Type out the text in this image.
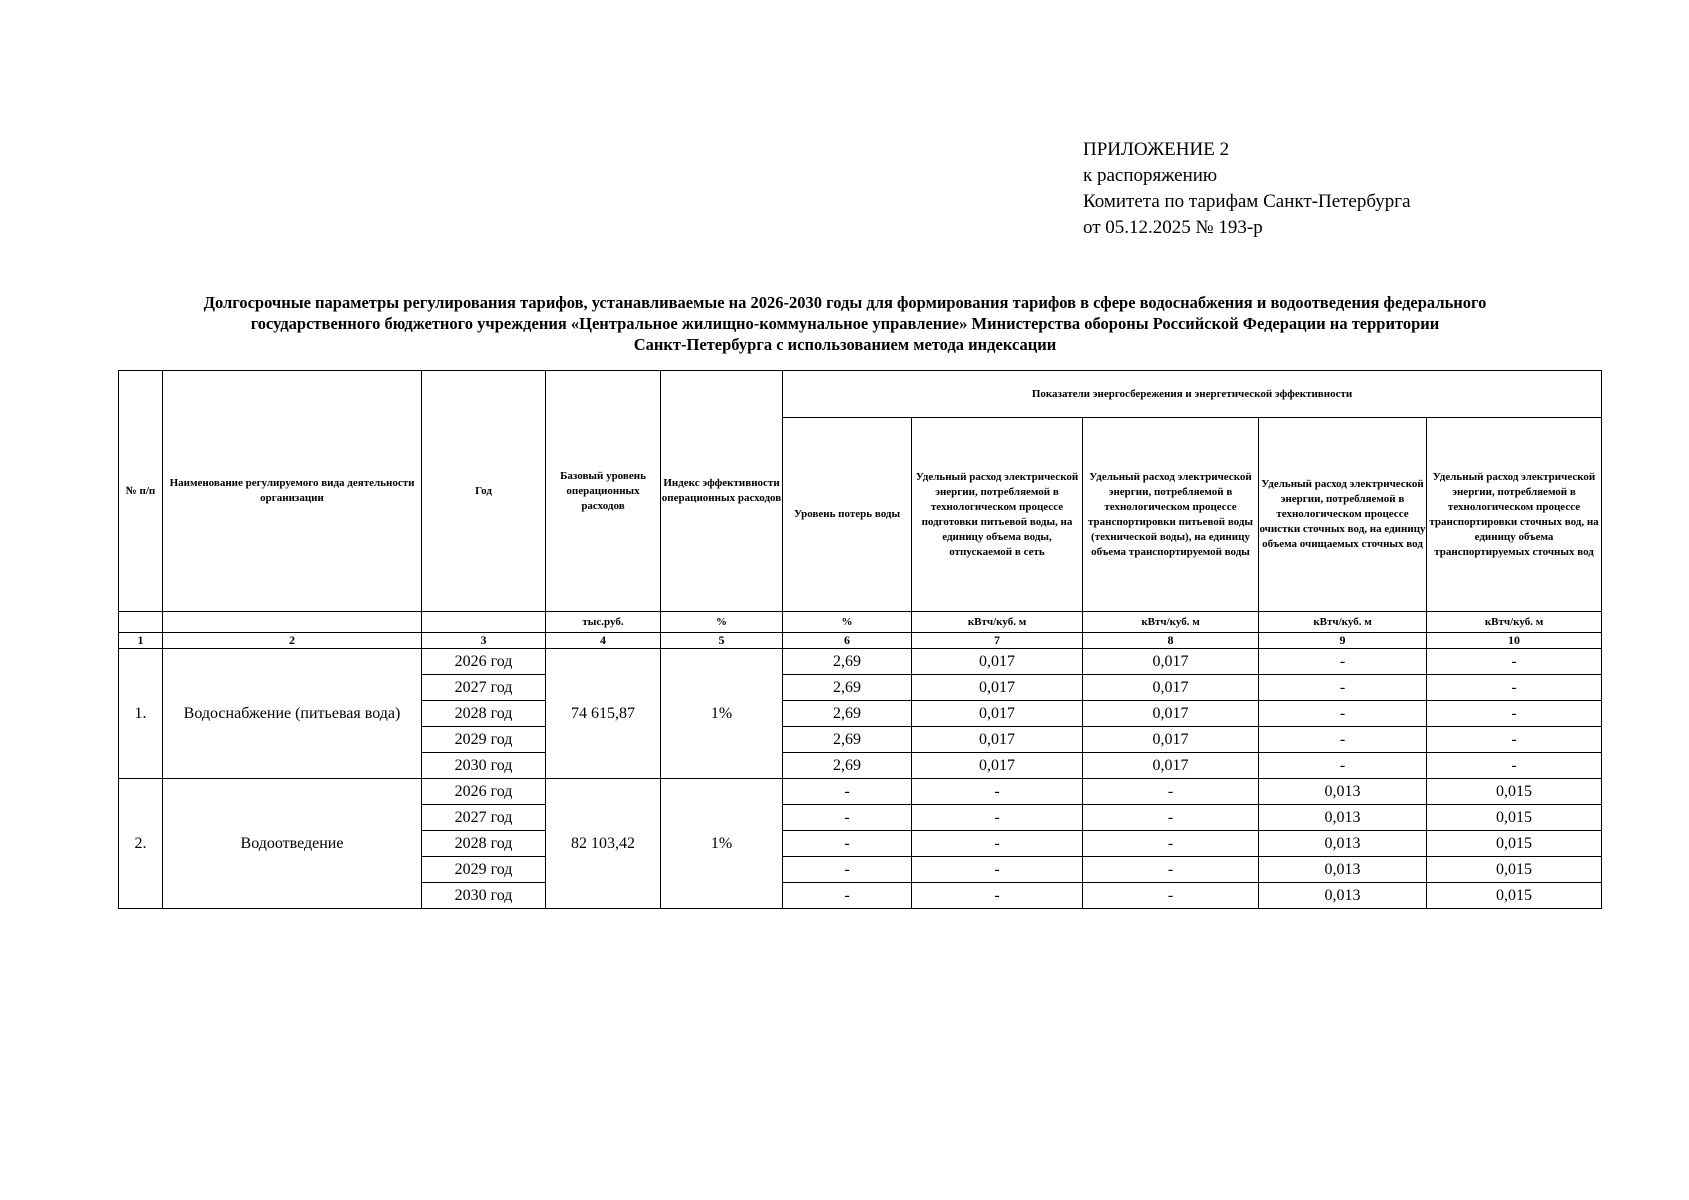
ПРИЛОЖЕНИЕ 2
к распоряжению
Комитета по тарифам Санкт-Петербурга
от 05.12.2025 № 193-р
Долгосрочные параметры регулирования тарифов, устанавливаемые на 2026-2030 годы для формирования тарифов в сфере водоснабжения и водоотведения федерального
государственного бюджетного учреждения «Центральное жилищно-коммунальное управление» Министерства обороны Российской Федерации на территории
Санкт-Петербурга с использованием метода индексации
№ п/п	Наименование регулируемого вида деятельности организации	Год	Базовый уровень операционных расходов	Индекс эффективности операционных расходов	Показатели энергосбережения и энергетической эффективности				
					Уровень потерь воды	Удельный расход электрической энергии, потребляемой в технологическом процессе подготовки питьевой воды, на единицу объема воды, отпускаемой в сеть	Удельный расход электрической энергии, потребляемой в технологическом процессе транспортировки питьевой воды (технической воды), на единицу объема транспортируемой воды	Удельный расход электрической энергии, потребляемой в технологическом процессе очистки сточных вод, на единицу объема очищаемых сточных вод	Удельный расход электрической энергии, потребляемой в технологическом процессе транспортировки сточных вод, на единицу объема транспортируемых сточных вод
			тыс.руб.	%	%	кВтч/куб. м	кВтч/куб. м	кВтч/куб. м	кВтч/куб. м
1	2	3	4	5	6	7	8	9	10
1.	Водоснабжение (питьевая вода)	2026 год	74 615,87	1%	2,69	0,017	0,017	-	-
		2027 год			2,69	0,017	0,017	-	-
		2028 год			2,69	0,017	0,017	-	-
		2029 год			2,69	0,017	0,017	-	-
		2030 год			2,69	0,017	0,017	-	-
2.	Водоотведение	2026 год	82 103,42	1%	-	-	-	0,013	0,015
		2027 год			-	-	-	0,013	0,015
		2028 год			-	-	-	0,013	0,015
		2029 год			-	-	-	0,013	0,015
		2030 год			-	-	-	0,013	0,015
